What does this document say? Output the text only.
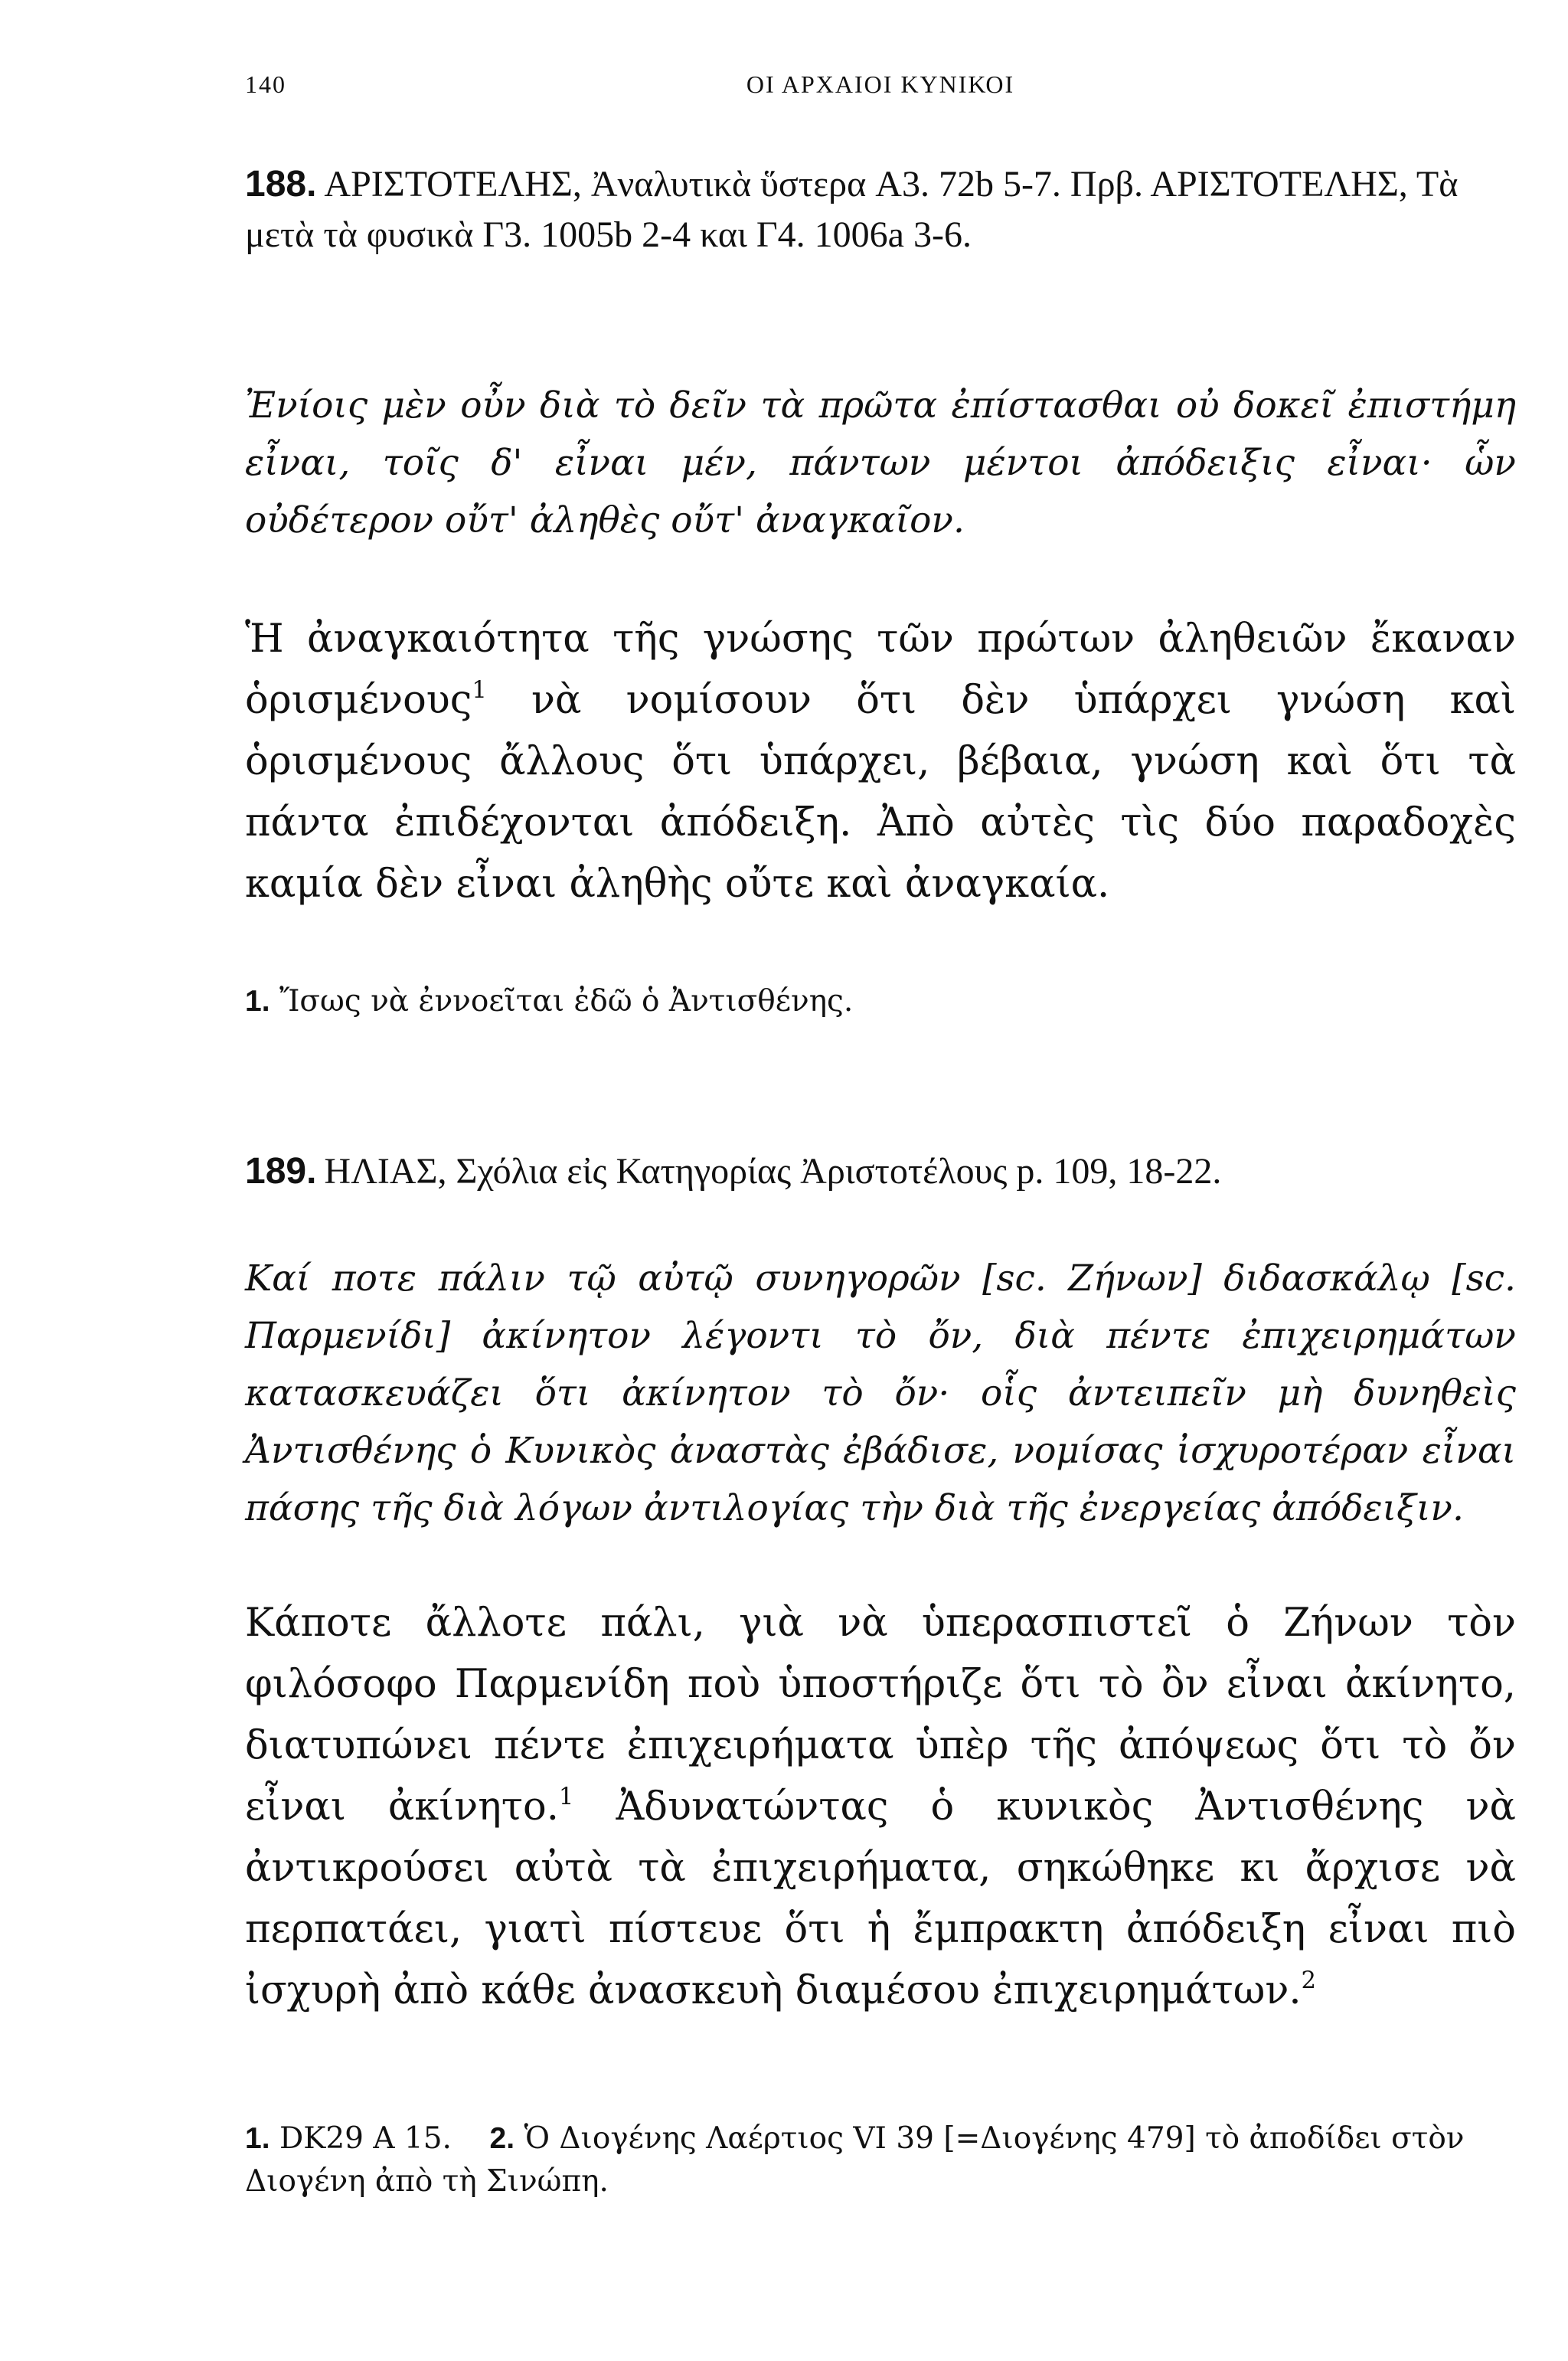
140	ΟΙ ΑΡΧΑΙΟΙ ΚΥΝΙΚΟΙ
188. ΑΡΙΣΤΟΤΕΛΗΣ, Ἀναλυτικὰ ὕστερα A3. 72b 5-7. Πρβ. ΑΡΙΣΤΟΤΕΛΗΣ, Τὰ μετὰ τὰ φυσικὰ Γ3. 1005b 2-4 και Γ4. 1006a 3-6.
Ἐνίοις μὲν οὖν διὰ τὸ δεῖν τὰ πρῶτα ἐπίστασθαι οὐ δοκεῖ ἐπιστήμη εἶναι, τοῖς δ' εἶναι μέν, πάντων μέντοι ἀπόδειξις εἶναι· ὧν οὐδέτερον οὔτ' ἀληθὲς οὔτ' ἀναγκαῖον.
Ἡ ἀναγκαιότητα τῆς γνώσης τῶν πρώτων ἀληθειῶν ἔκαναν ὁρισμένους$^1$ νὰ νομίσουν ὅτι δὲν ὑπάρχει γνώση καὶ ὁρισμένους ἄλλους ὅτι ὑπάρχει, βέβαια, γνώση καὶ ὅτι τὰ πάντα ἐπιδέχονται ἀπόδειξη. Ἀπὸ αὐτὲς τὶς δύο παραδοχὲς καμία δὲν εἶναι ἀληθὴς οὔτε καὶ ἀναγκαία.
1. Ἴσως νὰ ἐννοεῖται ἐδῶ ὁ Ἀντισθένης.
189. ΗΛΙΑΣ, Σχόλια εἰς Κατηγορίας Ἀριστοτέλους p. 109, 18-22.
Καί ποτε πάλιν τῷ αὐτῷ συνηγορῶν [sc. Ζήνων] διδασκάλῳ [sc. Παρμενίδι] ἀκίνητον λέγοντι τὸ ὄν, διὰ πέντε ἐπιχειρημάτων κατασκευάζει ὅτι ἀκίνητον τὸ ὄν· οἷς ἀντειπεῖν μὴ δυνηθεὶς Ἀντισθένης ὁ Κυνικὸς ἀναστὰς ἐβάδισε, νομίσας ἰσχυροτέραν εἶναι πάσης τῆς διὰ λόγων ἀντιλογίας τὴν διὰ τῆς ἐνεργείας ἀπόδειξιν.
Κάποτε ἄλλοτε πάλι, γιὰ νὰ ὑπερασπιστεῖ ὁ Ζήνων τὸν φιλόσοφο Παρμενίδη ποὺ ὑποστήριζε ὅτι τὸ ὂν εἶναι ἀκίνητο, διατυπώνει πέντε ἐπιχειρήματα ὑπὲρ τῆς ἀπόψεως ὅτι τὸ ὄν εἶναι ἀκίνητο.$^1$ Ἀδυνατώντας ὁ κυνικὸς Ἀντισθένης νὰ ἀντικρούσει αὐτὰ τὰ ἐπιχειρήματα, σηκώθηκε κι ἄρχισε νὰ περπατάει, γιατὶ πίστευε ὅτι ἡ ἔμπρακτη ἀπόδειξη εἶναι πιὸ ἰσχυρὴ ἀπὸ κάθε ἀνασκευὴ διαμέσου ἐπιχειρημάτων.$^2$
1. DK29 A 15. 2. Ὁ Διογένης Λαέρτιος VI 39 [=Διογένης 479] τὸ ἀποδίδει στὸν Διογένη ἀπὸ τὴ Σινώπη.
